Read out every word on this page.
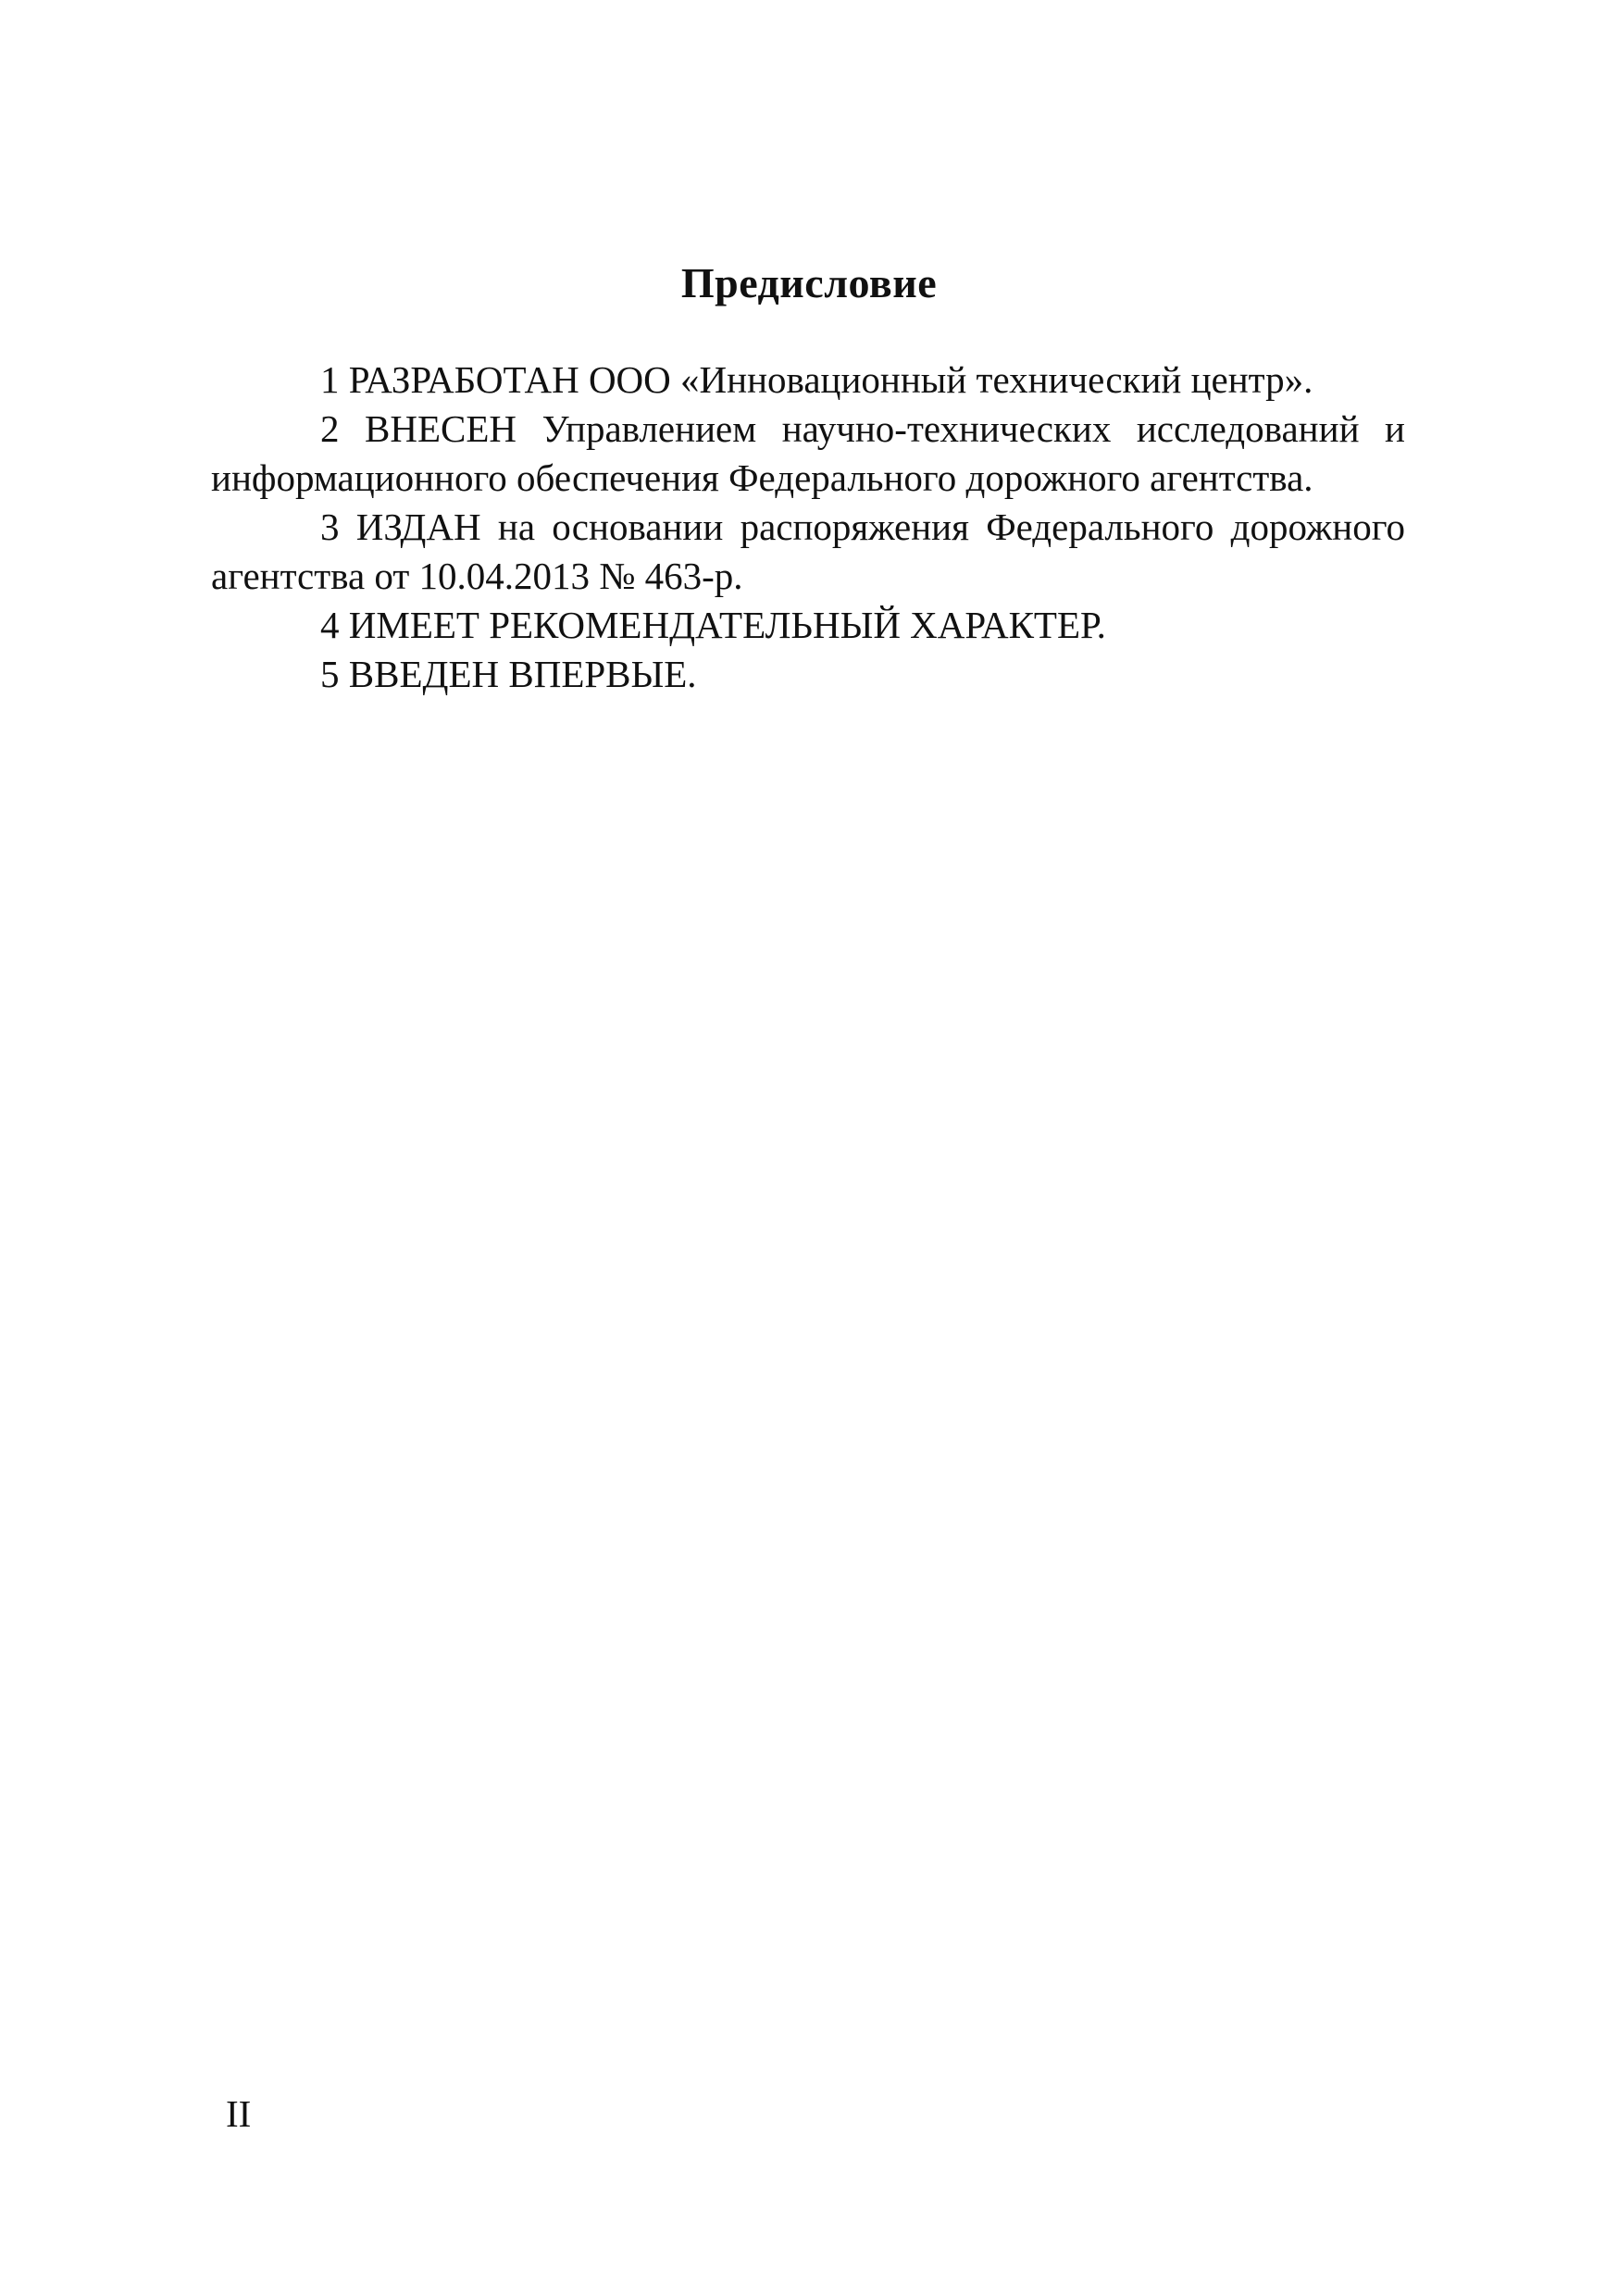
Предисловие

1 РАЗРАБОТАН ООО «Инновационный технический центр».

2 ВНЕСЕН Управлением научно-технических исследований и информационного обеспечения Федерального дорожного агентства.

3 ИЗДАН на основании распоряжения Федерального дорожного агентства от 10.04.2013 № 463-р.

4 ИМЕЕТ РЕКОМЕНДАТЕЛЬНЫЙ ХАРАКТЕР.

5 ВВЕДЕН ВПЕРВЫЕ.

II
